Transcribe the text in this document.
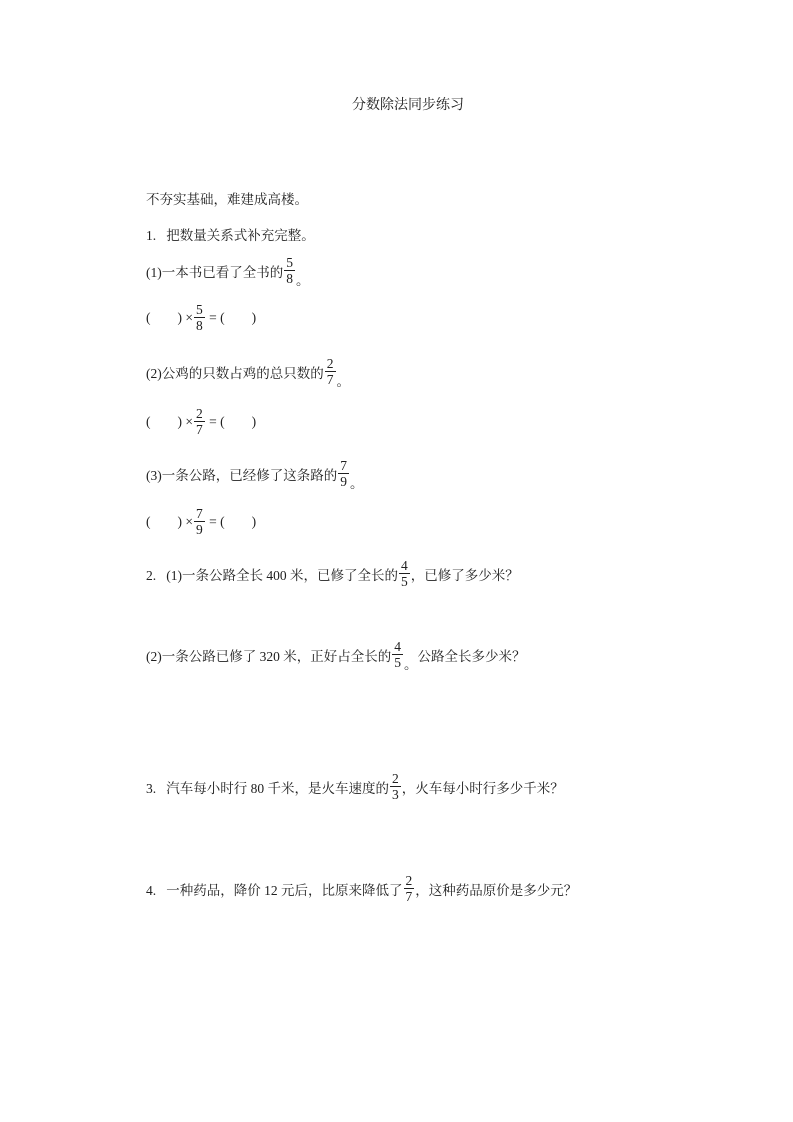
分数除法同步练习
不夯实基础，难建成高楼。
1.   把数量关系式补充完整。
(1)一本书已看了全书的 $\frac{5}{8}$ 。
(        ) × $\frac{5}{8}$ = (        )
(2)公鸡的只数占鸡的总只数的 $\frac{2}{7}$ 。
(        ) × $\frac{2}{7}$ = (        )
(3)一条公路，已经修了这条路的 $\frac{7}{9}$ 。
(        ) × $\frac{7}{9}$ = (        )
2.   (1)一条公路全长 400 米，已修了全长的 $\frac{4}{5}$ ，已修了多少米？
(2)一条公路已修了 320 米，正好占全长的 $\frac{4}{5}$ 。公路全长多少米？
3.   汽车每小时行 80 千米，是火车速度的 $\frac{2}{3}$ ，火车每小时行多少千米？
4.   一种药品，降价 12 元后，比原来降低了 $\frac{2}{7}$ ，这种药品原价是多少元？
